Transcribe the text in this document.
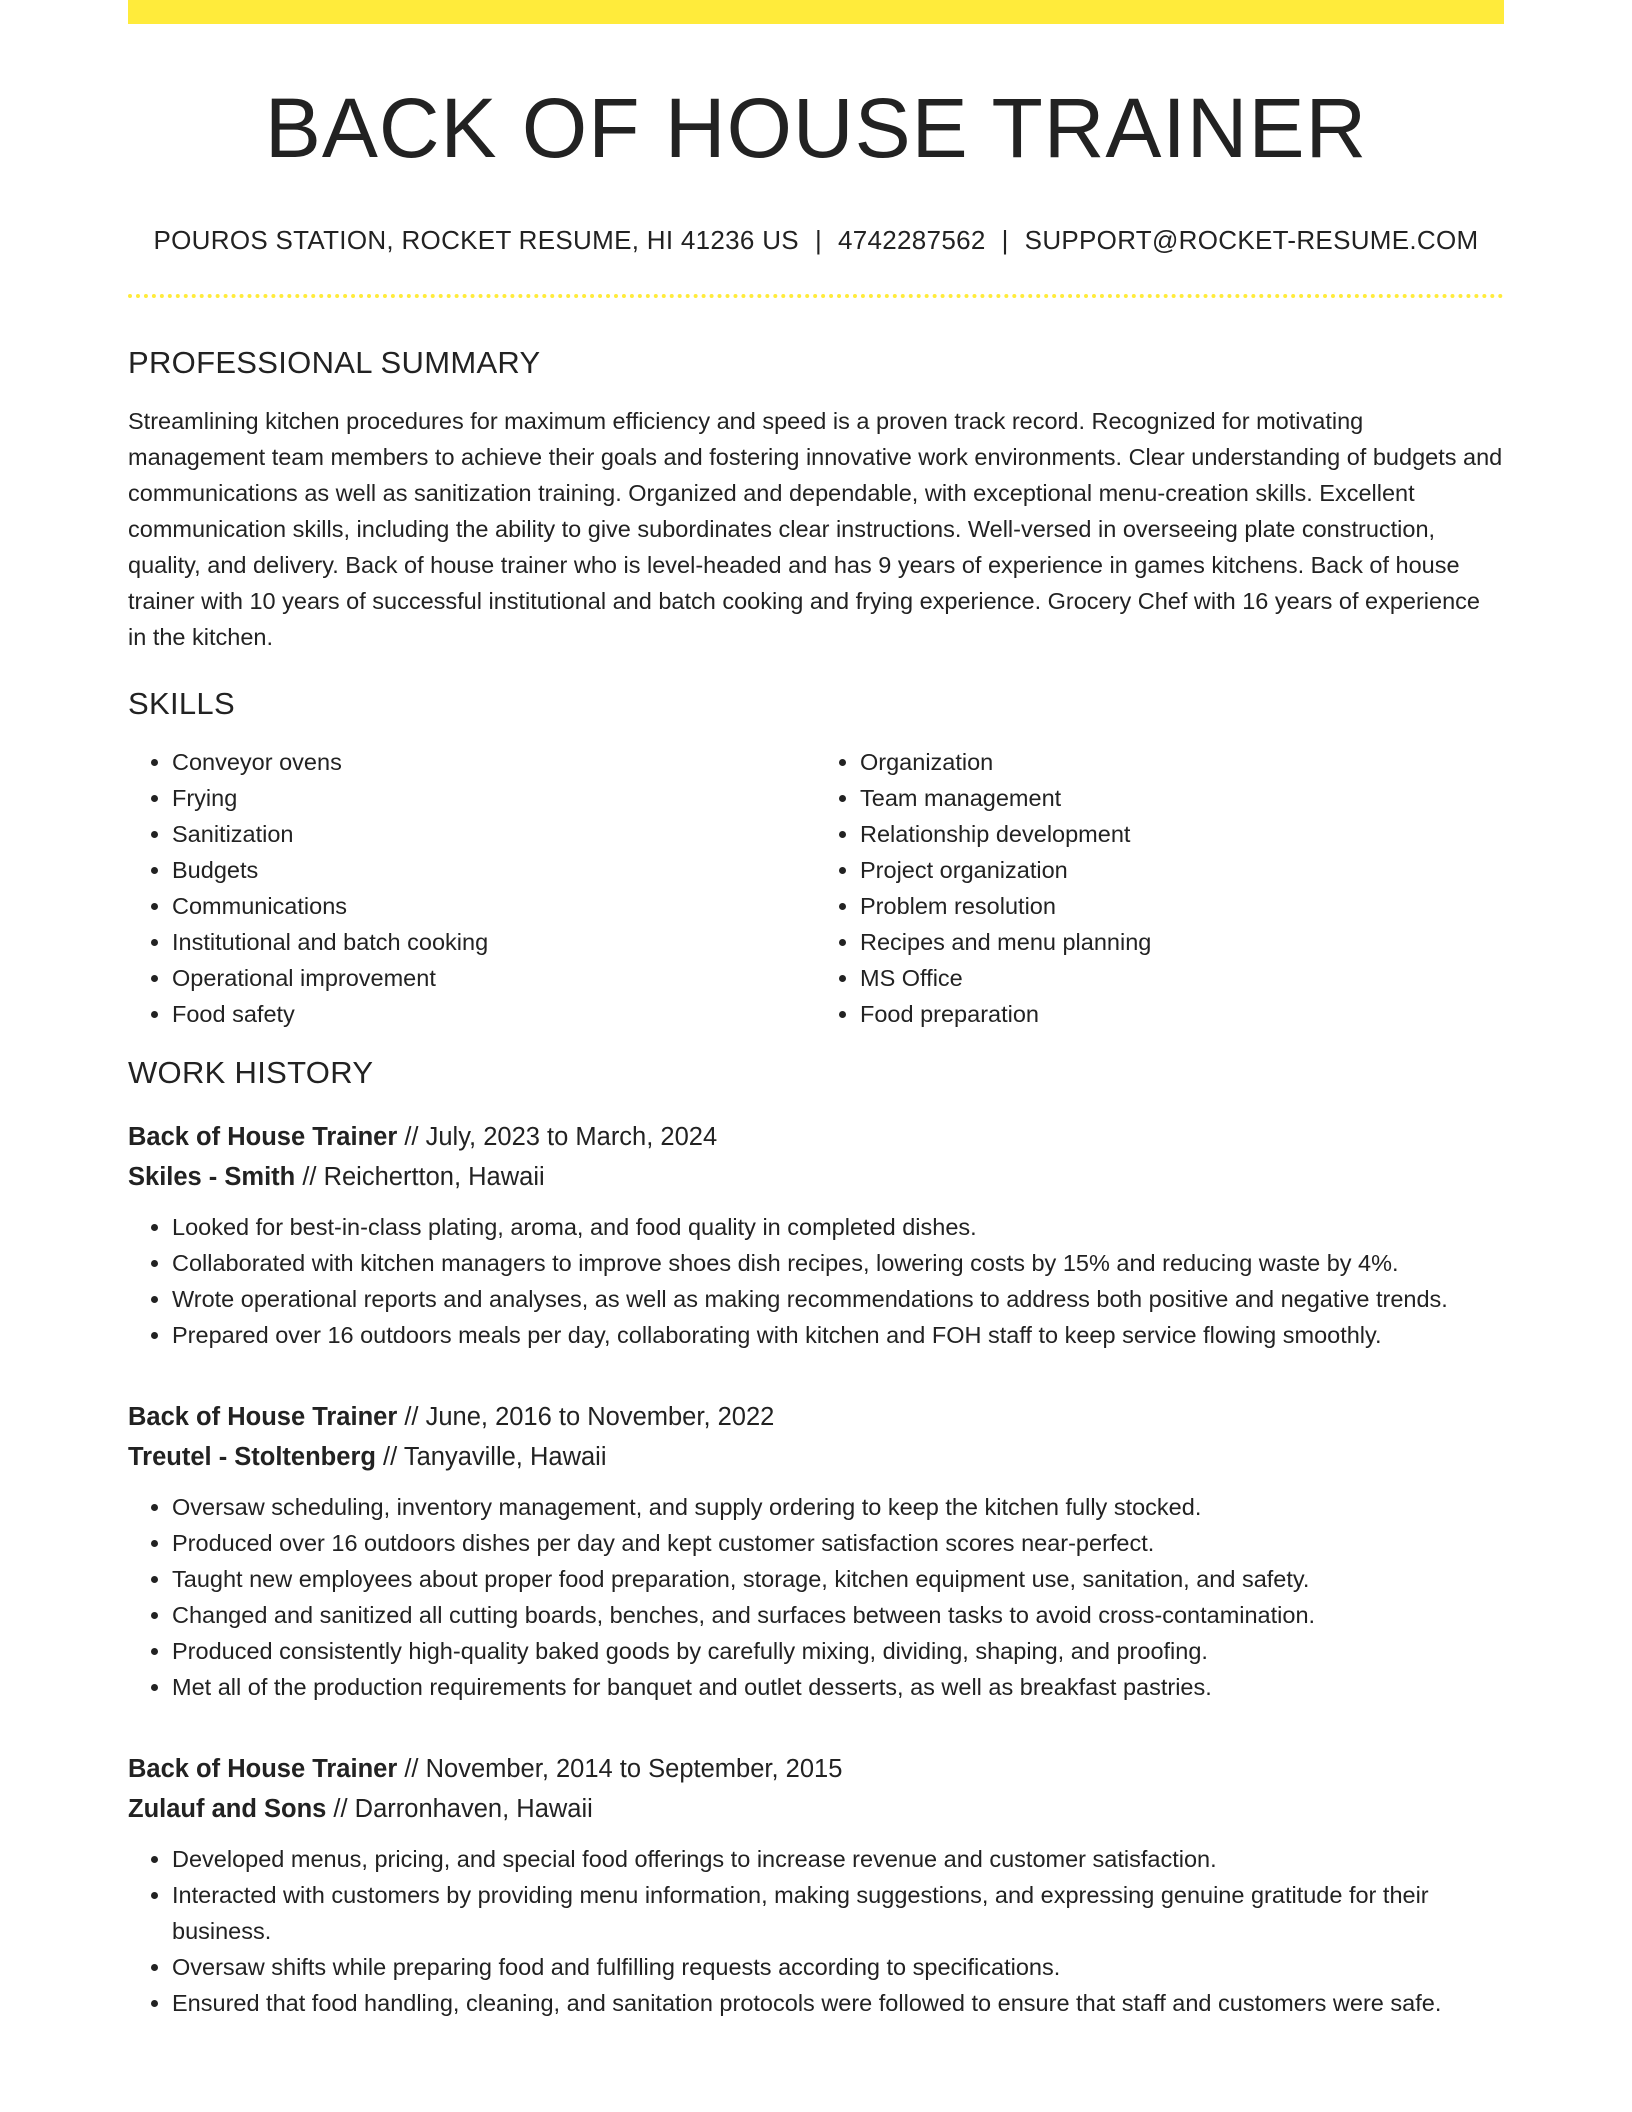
BACK OF HOUSE TRAINER
POUROS STATION, ROCKET RESUME, HI 41236 US | 4742287562 | SUPPORT@ROCKET-RESUME.COM
PROFESSIONAL SUMMARY
Streamlining kitchen procedures for maximum efficiency and speed is a proven track record. Recognized for motivating management team members to achieve their goals and fostering innovative work environments. Clear understanding of budgets and communications as well as sanitization training. Organized and dependable, with exceptional menu-creation skills. Excellent communication skills, including the ability to give subordinates clear instructions. Well-versed in overseeing plate construction, quality, and delivery. Back of house trainer who is level-headed and has 9 years of experience in games kitchens. Back of house trainer with 10 years of successful institutional and batch cooking and frying experience. Grocery Chef with 16 years of experience in the kitchen.
SKILLS
• Conveyor ovens
• Frying
• Sanitization
• Budgets
• Communications
• Institutional and batch cooking
• Operational improvement
• Food safety
• Organization
• Team management
• Relationship development
• Project organization
• Problem resolution
• Recipes and menu planning
• MS Office
• Food preparation
WORK HISTORY
Back of House Trainer // July, 2023 to March, 2024
Skiles - Smith // Reichertton, Hawaii
• Looked for best-in-class plating, aroma, and food quality in completed dishes.
• Collaborated with kitchen managers to improve shoes dish recipes, lowering costs by 15% and reducing waste by 4%.
• Wrote operational reports and analyses, as well as making recommendations to address both positive and negative trends.
• Prepared over 16 outdoors meals per day, collaborating with kitchen and FOH staff to keep service flowing smoothly.
Back of House Trainer // June, 2016 to November, 2022
Treutel - Stoltenberg // Tanyaville, Hawaii
• Oversaw scheduling, inventory management, and supply ordering to keep the kitchen fully stocked.
• Produced over 16 outdoors dishes per day and kept customer satisfaction scores near-perfect.
• Taught new employees about proper food preparation, storage, kitchen equipment use, sanitation, and safety.
• Changed and sanitized all cutting boards, benches, and surfaces between tasks to avoid cross-contamination.
• Produced consistently high-quality baked goods by carefully mixing, dividing, shaping, and proofing.
• Met all of the production requirements for banquet and outlet desserts, as well as breakfast pastries.
Back of House Trainer // November, 2014 to September, 2015
Zulauf and Sons // Darronhaven, Hawaii
• Developed menus, pricing, and special food offerings to increase revenue and customer satisfaction.
• Interacted with customers by providing menu information, making suggestions, and expressing genuine gratitude for their business.
• Oversaw shifts while preparing food and fulfilling requests according to specifications.
• Ensured that food handling, cleaning, and sanitation protocols were followed to ensure that staff and customers were safe.
